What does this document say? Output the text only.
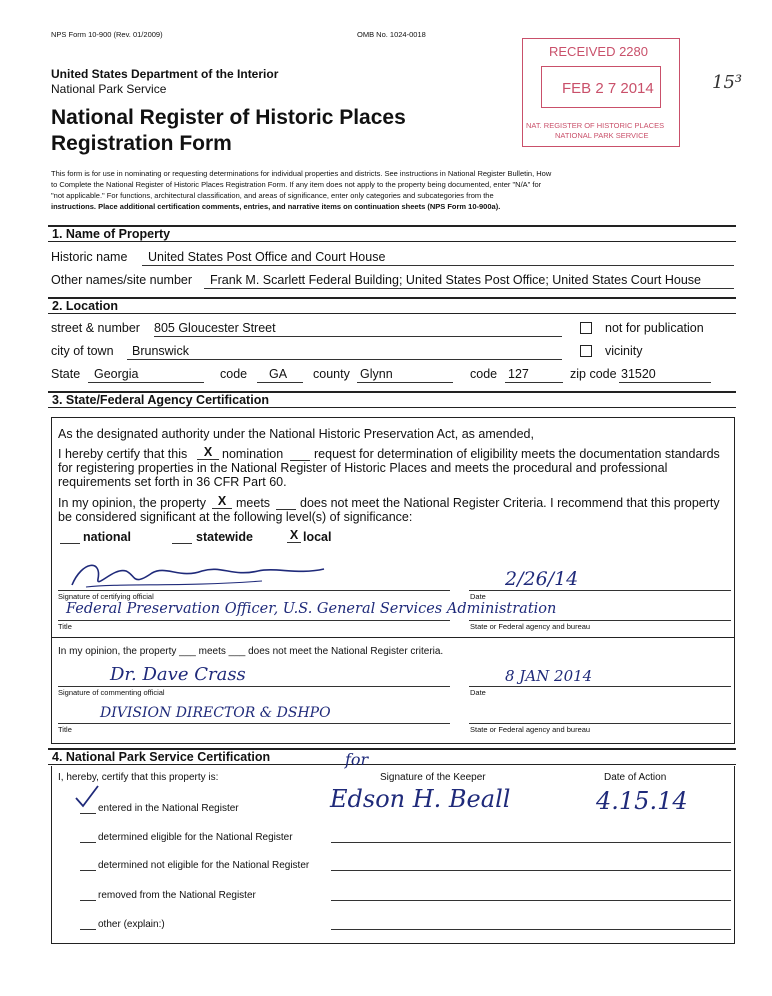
NPS Form 10-900 (Rev. 01/2009)	OMB No. 1024-0018
United States Department of the Interior
National Park Service
National Register of Historic Places
Registration Form
15³
RECEIVED 2280
FEB 2 7 2014
NAT. REGISTER OF HISTORIC PLACES
NATIONAL PARK SERVICE
This form is for use in nominating or requesting determinations for individual properties and districts. See instructions in National Register Bulletin, How
to Complete the National Register of Historic Places Registration Form. If any item does not apply to the property being documented, enter "N/A" for
"not applicable." For functions, architectural classification, and areas of significance, enter only categories and subcategories from the
instructions. Place additional certification comments, entries, and narrative items on continuation sheets (NPS Form 10-900a).
1. Name of Property
Historic name	United States Post Office and Court House
Other names/site number	Frank M. Scarlett Federal Building; United States Post Office; United States Court House
2. Location
street & number 805 Gloucester Street	not for publication
city of town	Brunswick	vicinity
State	Georgia	code	GA	county Glynn	code 127	zip code 31520
3. State/Federal Agency Certification
As the designated authority under the National Historic Preservation Act, as amended,
I hereby certify that this	X nomination request for determination of eligibility meets the documentation standards
for registering properties in the National Register of Historic Places and meets the procedural and professional
requirements set forth in 36 CFR Part 60.
In my opinion, the property X meets does not meet the National Register Criteria. I recommend that this property
be considered significant at the following level(s) of significance:
national	statewide	X local
Signature of certifying official
2/26/14
Date
Federal Preservation Officer, U.S. General Services Administration
Title	State or Federal agency and bureau
In my opinion, the property ___ meets ___ does not meet the National Register criteria.
Dr. Dave Crass
Signature of commenting official
8 JAN 2014
Date
DIVISION DIRECTOR & DSHPO
Title	State or Federal agency and bureau
4. National Park Service Certification
I, hereby, certify that this property is:	Signature of the Keeper	Date of Action
for
Edson H. Beall	4.15.14
entered in the National Register
determined eligible for the National Register
determined not eligible for the National Register
removed from the National Register
other (explain:)
